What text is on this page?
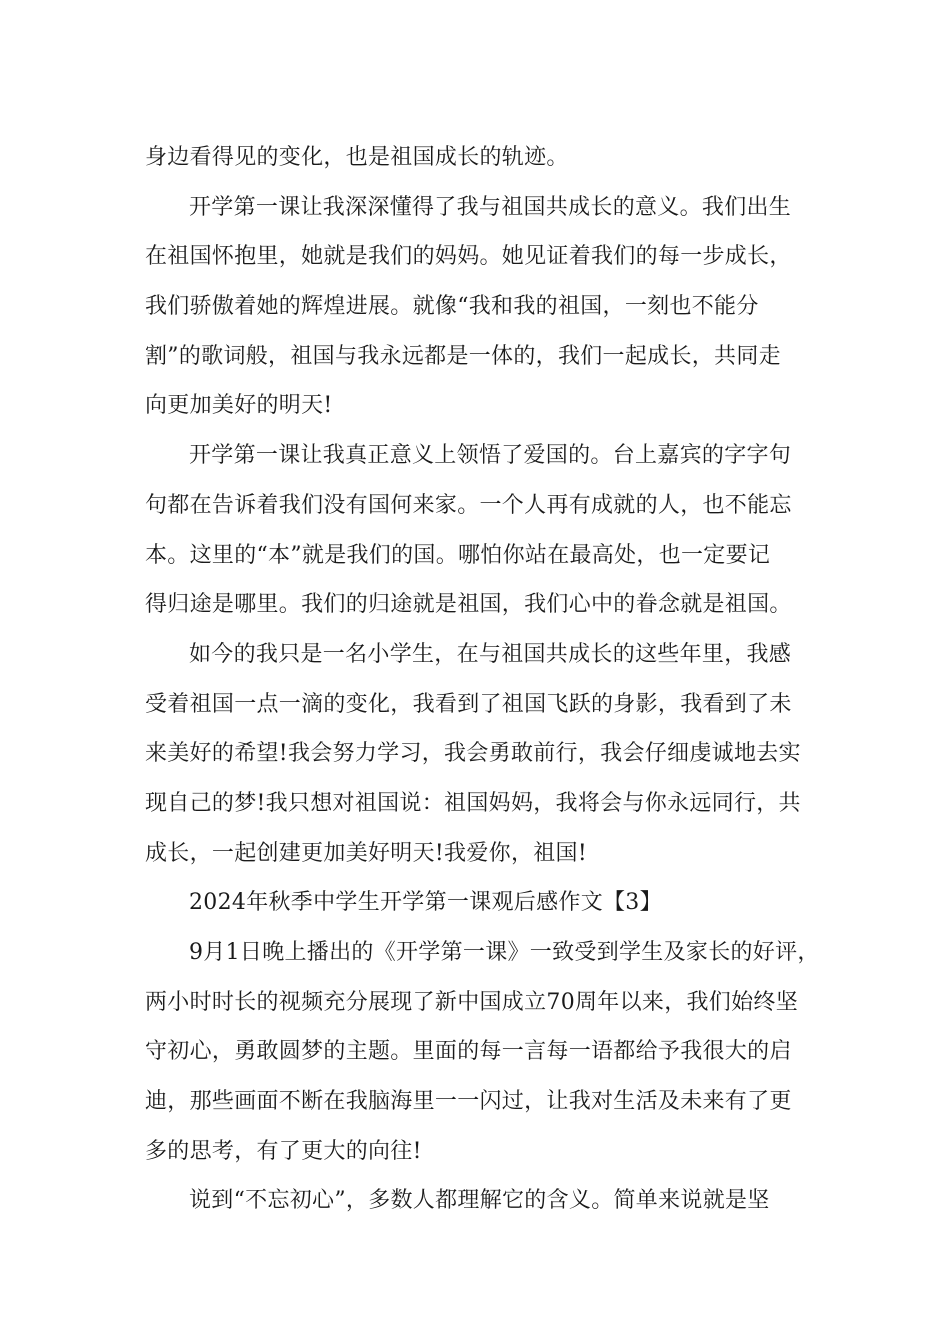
身边看得见的变化，也是祖国成长的轨迹。
开学第一课让我深深懂得了我与祖国共成长的意义。我们出生
在祖国怀抱里，她就是我们的妈妈。她见证着我们的每一步成长，
我们骄傲着她的辉煌进展。就像“我和我的祖国，一刻也不能分
割”的歌词般，祖国与我永远都是一体的，我们一起成长，共同走
向更加美好的明天!
开学第一课让我真正意义上领悟了爱国的。台上嘉宾的字字句
句都在告诉着我们没有国何来家。一个人再有成就的人，也不能忘
本。这里的“本”就是我们的国。哪怕你站在最高处，也一定要记
得归途是哪里。我们的归途就是祖国，我们心中的眷念就是祖国。
如今的我只是一名小学生，在与祖国共成长的这些年里，我感
受着祖国一点一滴的变化，我看到了祖国飞跃的身影，我看到了未
来美好的希望!我会努力学习，我会勇敢前行，我会仔细虔诚地去实
现自己的梦!我只想对祖国说：祖国妈妈，我将会与你永远同行，共
成长，一起创建更加美好明天!我爱你，祖国!
2024年秋季中学生开学第一课观后感作文【3】
9月1日晚上播出的《开学第一课》一致受到学生及家长的好评，
两小时时长的视频充分展现了新中国成立70周年以来，我们始终坚
守初心，勇敢圆梦的主题。里面的每一言每一语都给予我很大的启
迪，那些画面不断在我脑海里一一闪过，让我对生活及未来有了更
多的思考，有了更大的向往!
说到“不忘初心”，多数人都理解它的含义。简单来说就是坚
